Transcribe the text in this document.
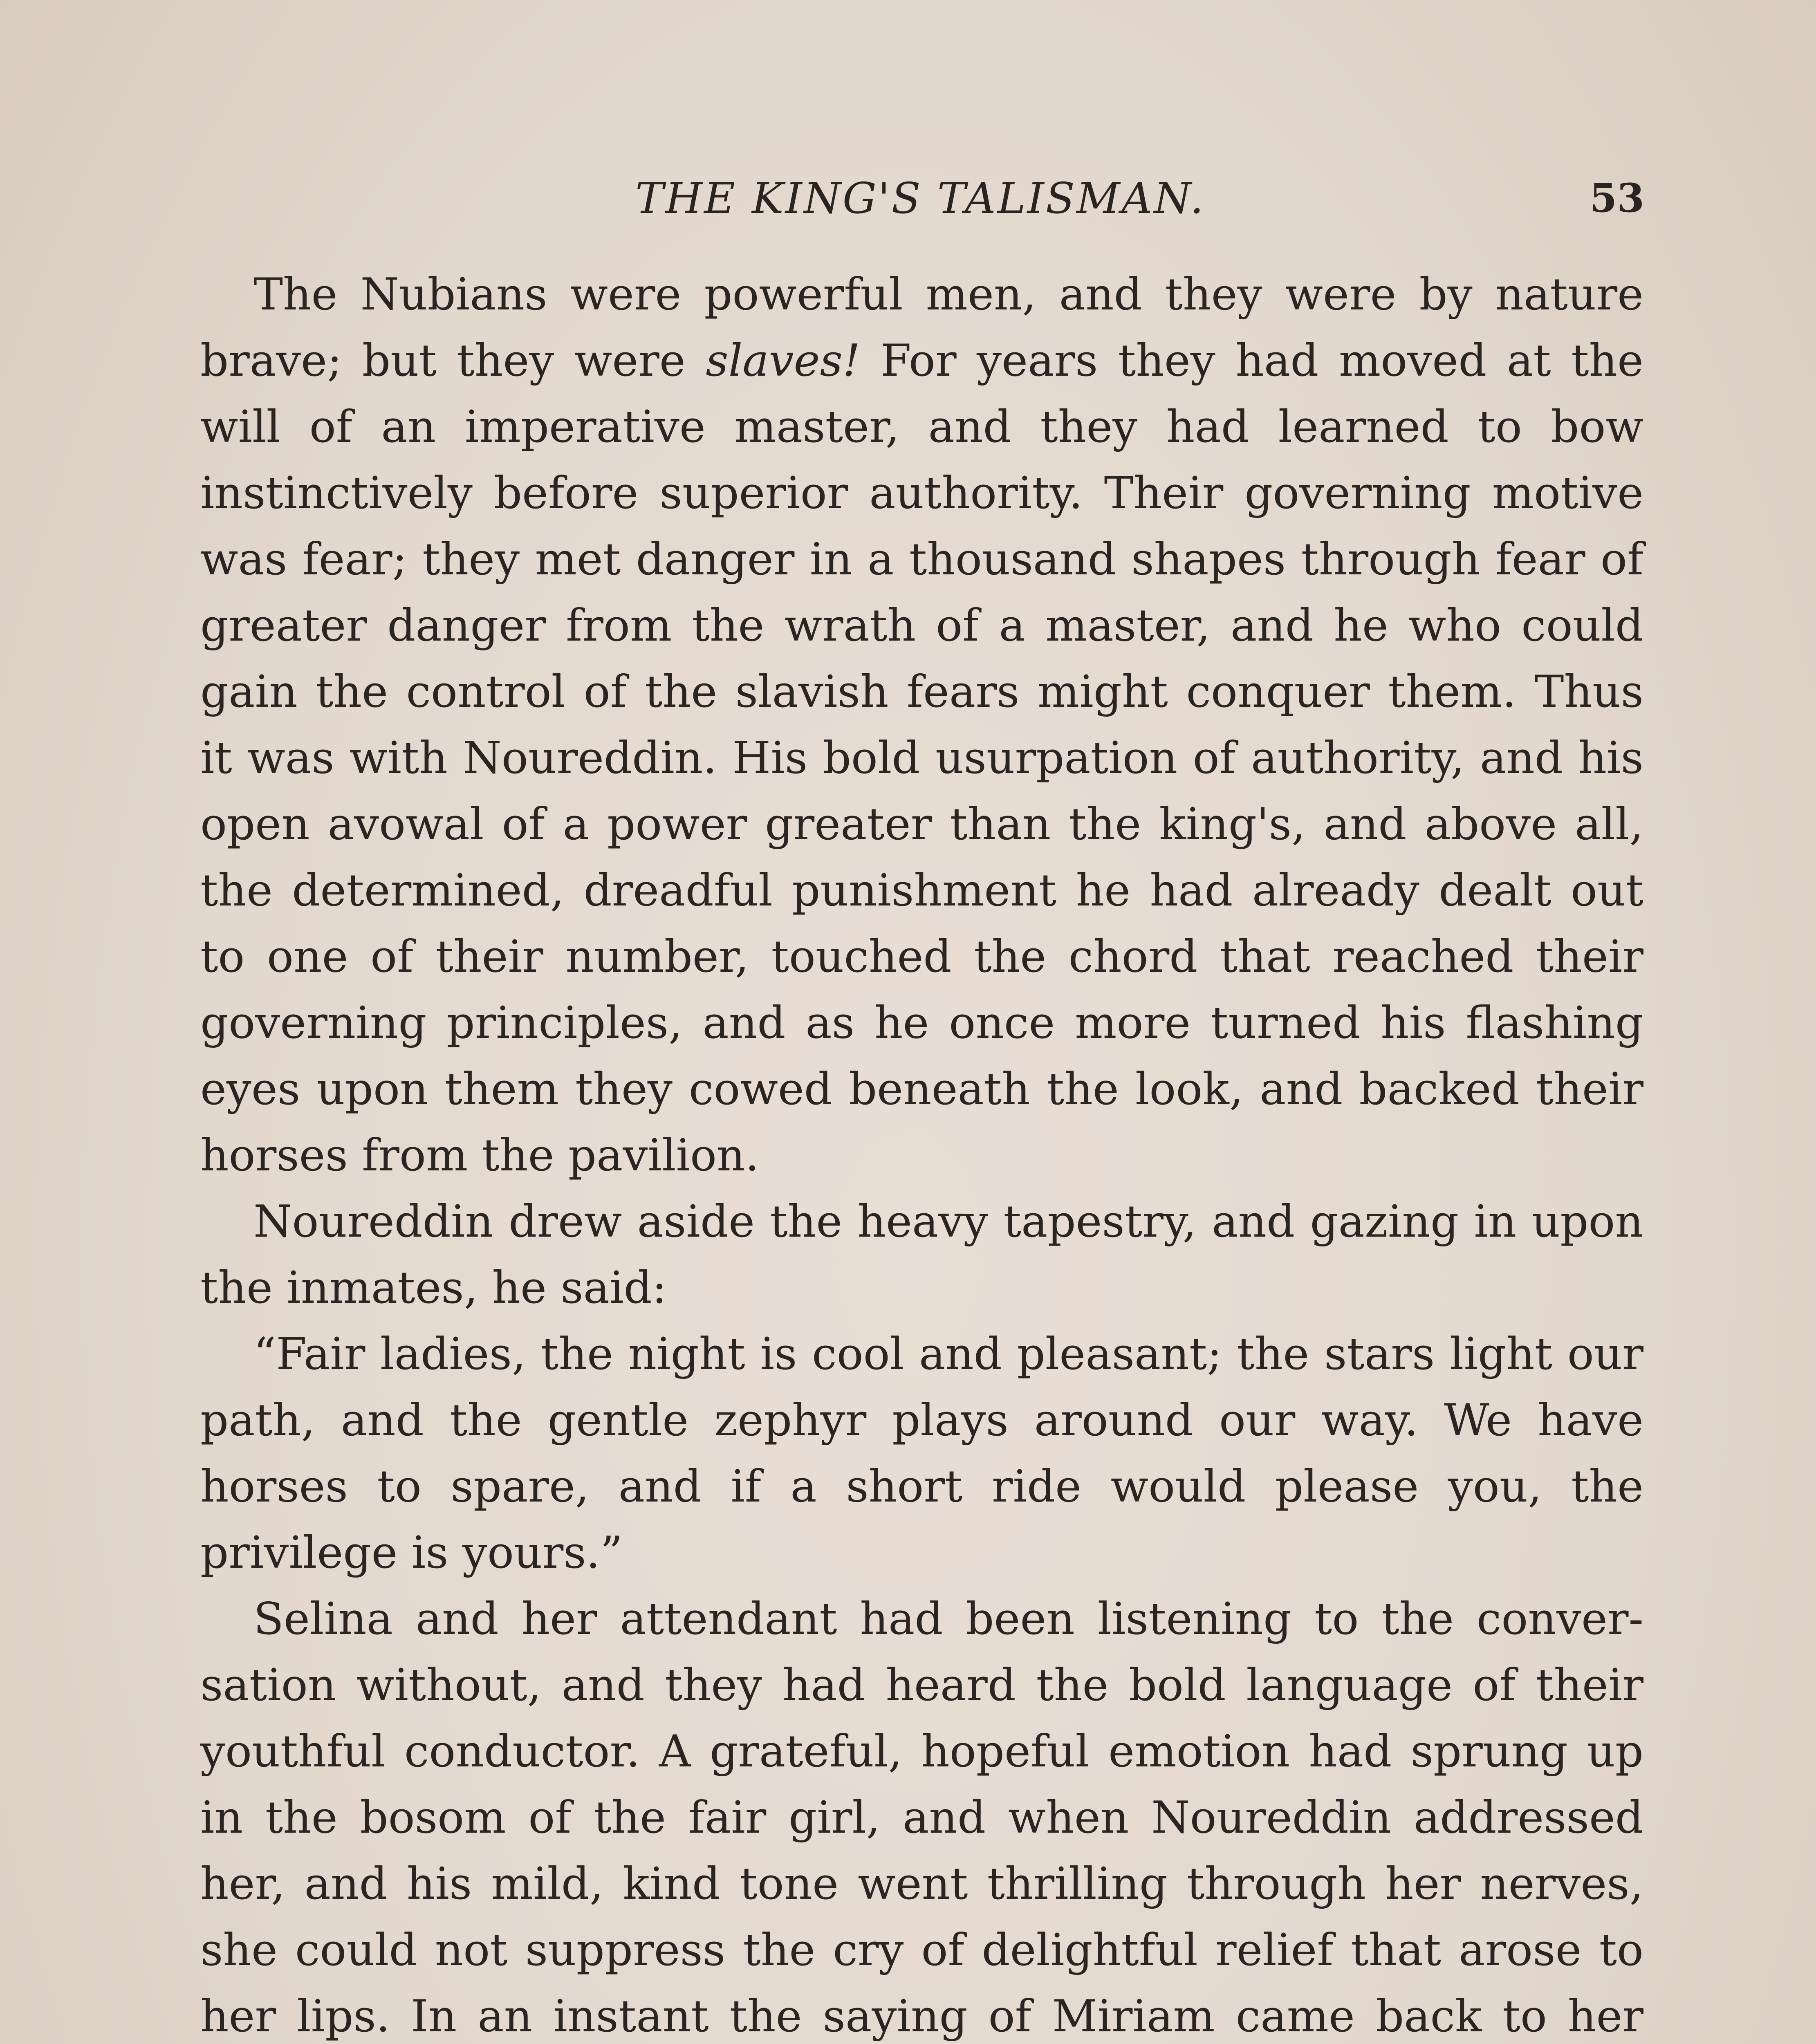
THE KING'S TALISMAN.	53

The Nubians were powerful men, and they were by nature brave; but they were slaves! For years they had moved at the will of an imperative master, and they had learned to bow instinctively before superior authority. Their governing motive was fear; they met danger in a thousand shapes through fear of greater danger from the wrath of a master, and he who could gain the control of the slavish fears might conquer them. Thus it was with Noureddin. His bold usurpation of authority, and his open avowal of a power greater than the king's, and above all, the determined, dreadful punishment he had already dealt out to one of their number, touched the chord that reached their governing principles, and as he once more turned his flashing eyes upon them they cowed beneath the look, and backed their horses from the pavilion.

Noureddin drew aside the heavy tapestry, and gazing in upon the inmates, he said:

“Fair ladies, the night is cool and pleasant; the stars light our path, and the gentle zephyr plays around our way. We have horses to spare, and if a short ride would please you, the privilege is yours.”

Selina and her attendant had been listening to the conversation without, and they had heard the bold language of their youthful conductor. A grateful, hopeful emotion had sprung up in the bosom of the fair girl, and when Noureddin addressed her, and his mild, kind tone went thrilling through her nerves, she could not suppress the cry of delightful relief that arose to her lips. In an instant the saying of Miriam came back to her
